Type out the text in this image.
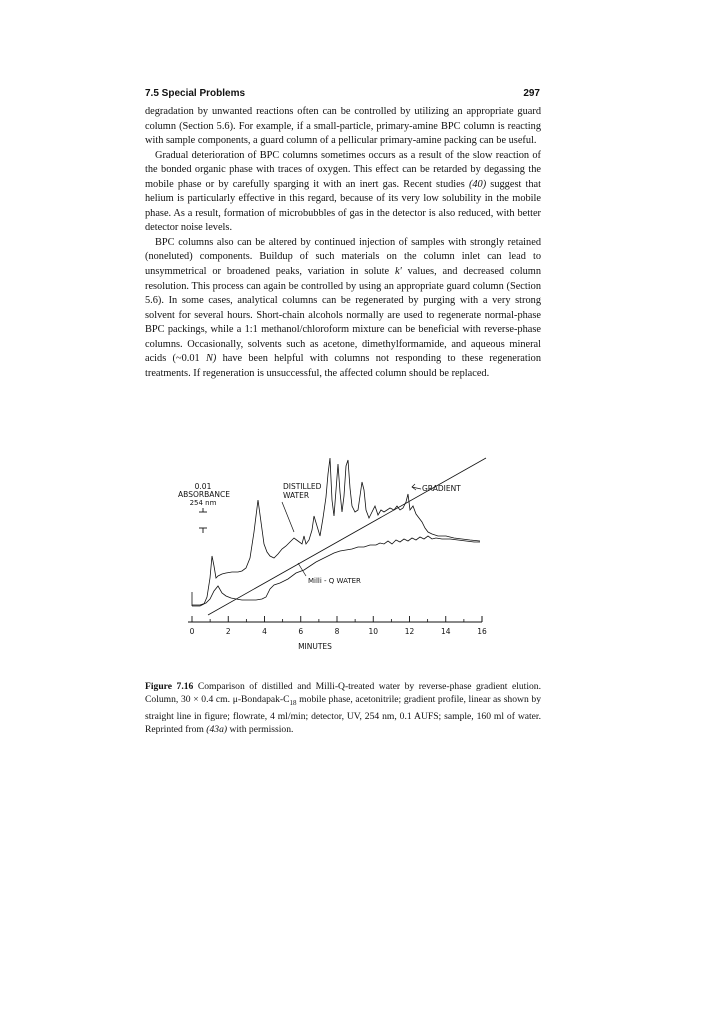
7.5 Special Problems	297

degradation by unwanted reactions often can be controlled by utilizing an appropriate guard column (Section 5.6). For example, if a small-particle, primary-amine BPC column is reacting with sample components, a guard column of a pellicular primary-amine packing can be useful.

Gradual deterioration of BPC columns sometimes occurs as a result of the slow reaction of the bonded organic phase with traces of oxygen. This effect can be retarded by degassing the mobile phase or by carefully sparging it with an inert gas. Recent studies (40) suggest that helium is particularly effective in this regard, because of its very low solubility in the mobile phase. As a result, formation of microbubbles of gas in the detector is also reduced, with better detector noise levels.

BPC columns also can be altered by continued injection of samples with strongly retained (noneluted) components. Buildup of such materials on the column inlet can lead to unsymmetrical or broadened peaks, variation in solute k' values, and decreased column resolution. This process can again be controlled by using an appropriate guard column (Section 5.6). In some cases, analytical columns can be regenerated by purging with a very strong solvent for several hours. Short-chain alcohols normally are used to regenerate normal-phase BPC packings, while a 1:1 methanol/chloroform mixture can be beneficial with reverse-phase columns. Occasionally, solvents such as acetone, dimethylformamide, and aqueous mineral acids (~0.01 N) have been helpful with columns not responding to these regeneration treatments. If regeneration is unsuccessful, the affected column should be replaced.

0	2	4	6	8	10	12	14	16
MINUTES
0.01
ABSORBANCE
254 nm
DISTILLED
WATER
GRADIENT
Milli - Q WATER
Figure 7.16 Comparison of distilled and Milli-Q-treated water by reverse-phase gradient elution. Column, 30 × 0.4 cm. $\mu-Bondapak-C_{18}$ mobile phase, acetonitrile; gradient profile, linear as shown by straight line in figure; flowrate, 4 ml/min; detector, UV, 254 nm, 0.1 AUFS; sample, 160 ml of water. Reprinted from (43a) with permission.
